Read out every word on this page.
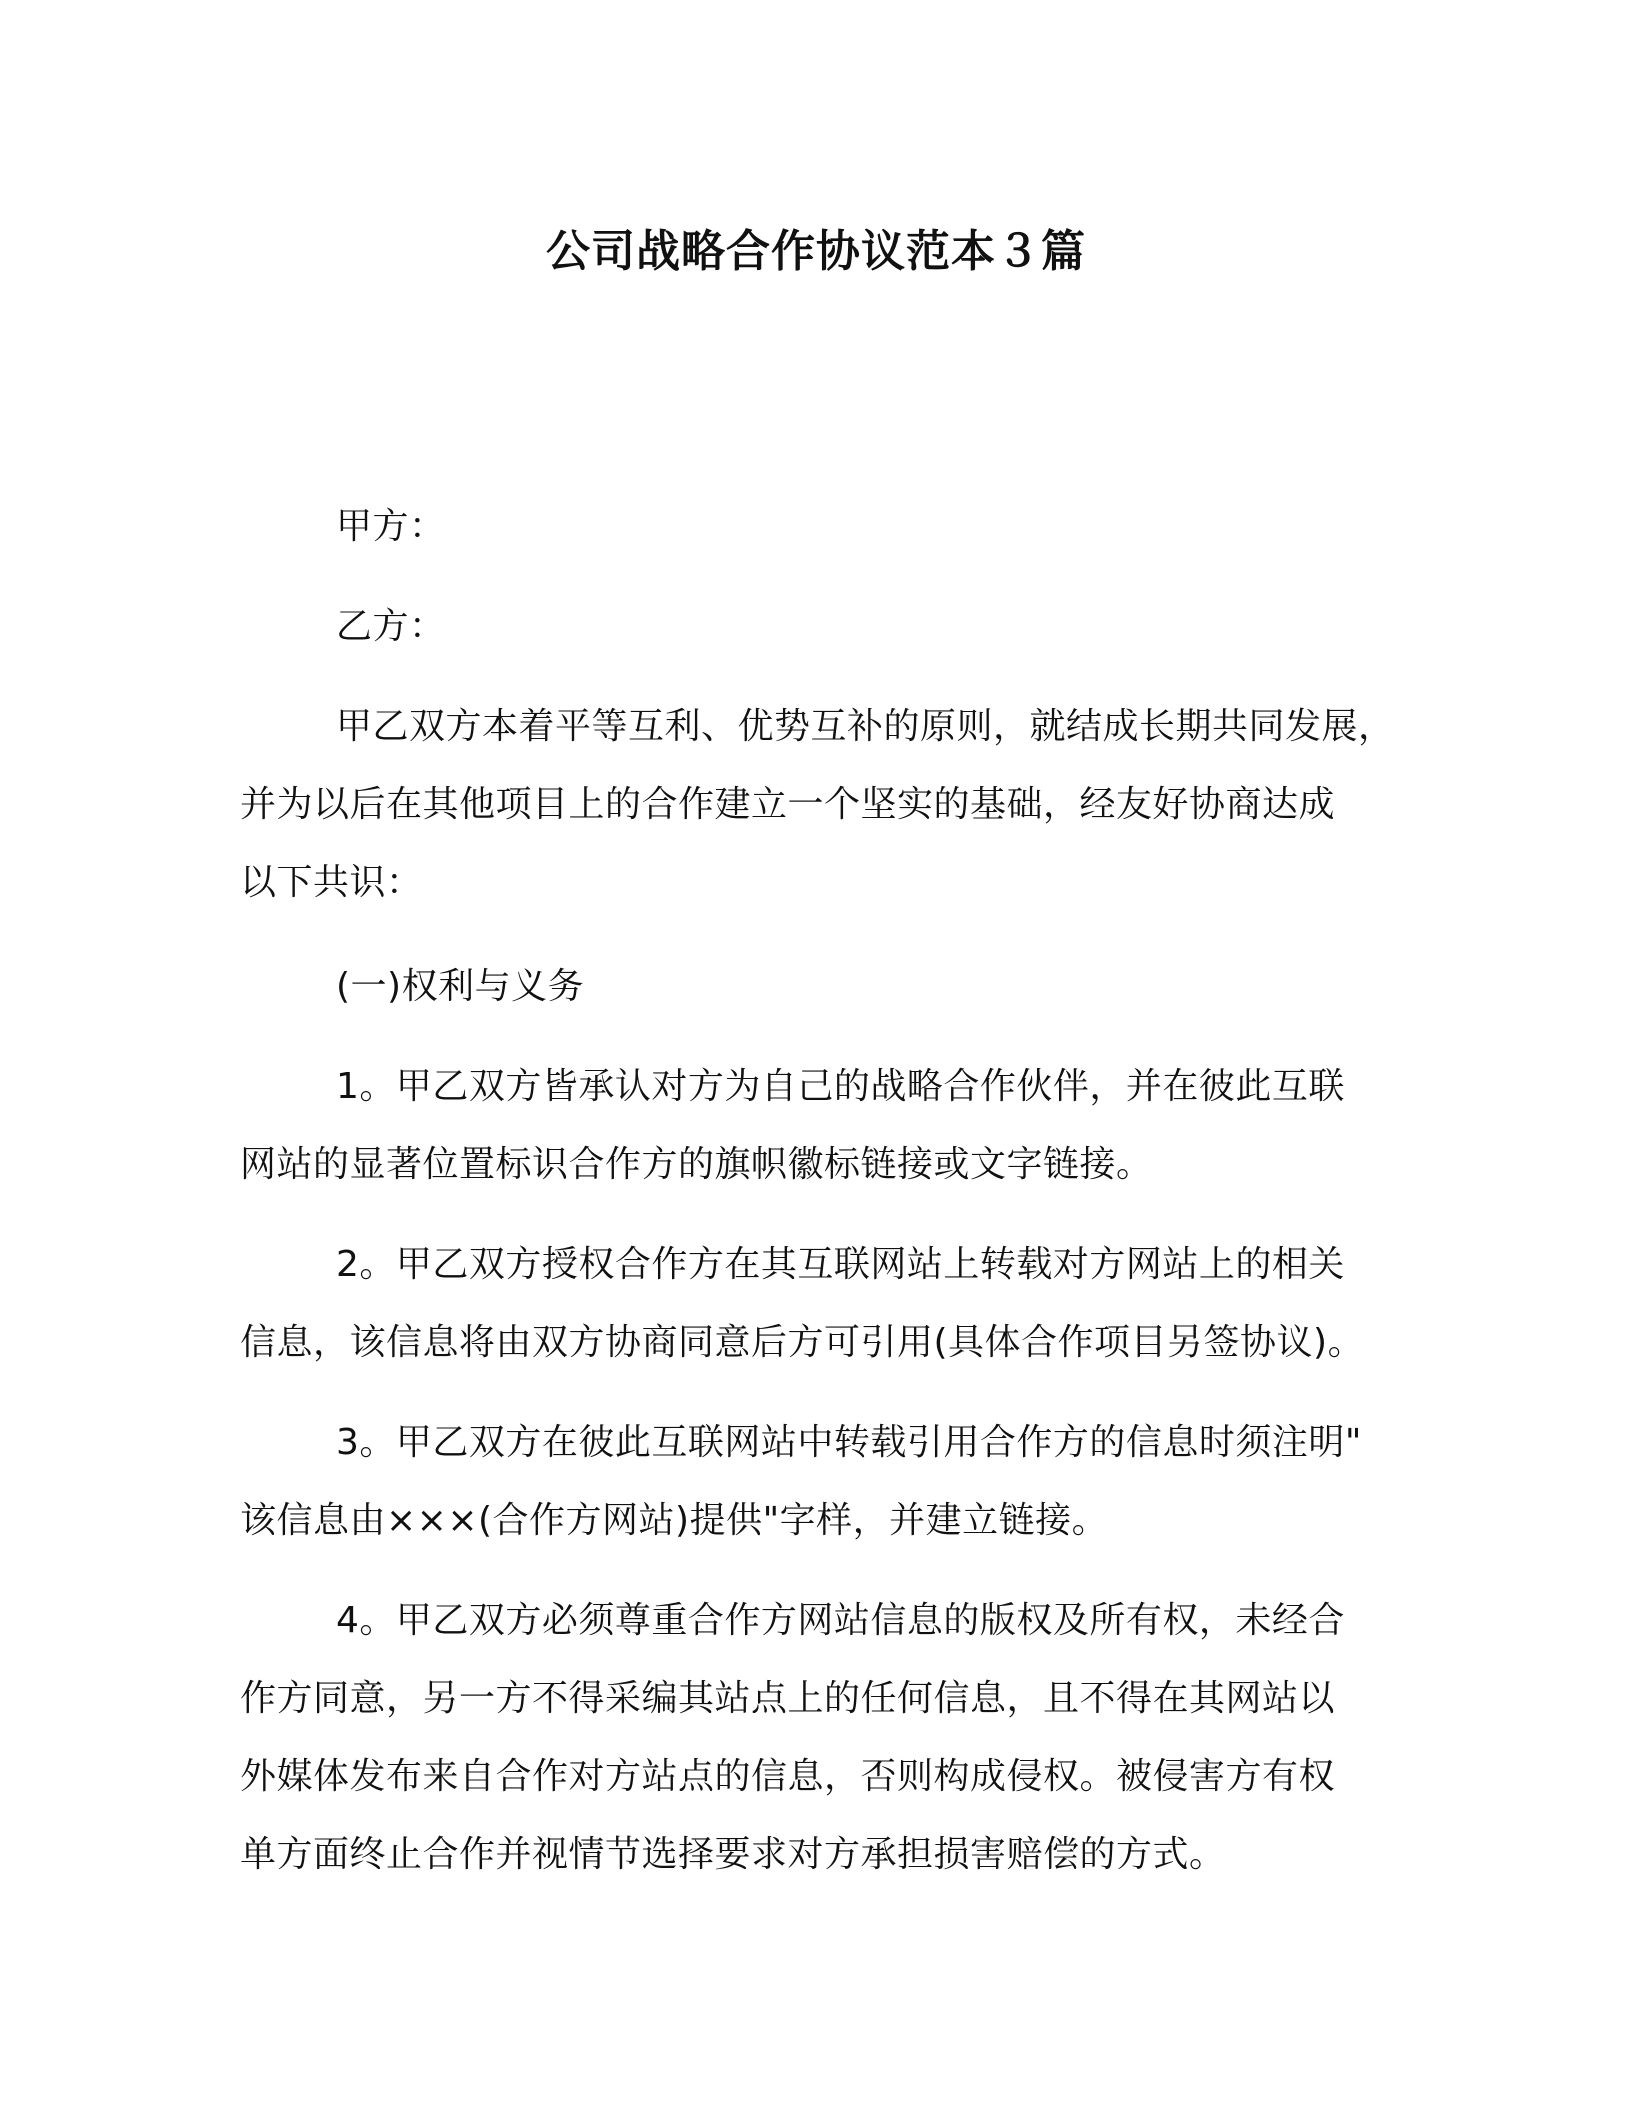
公司战略合作协议范本３篇
甲方：
乙方：
甲乙双方本着平等互利、优势互补的原则，就结成长期共同发展，
并为以后在其他项目上的合作建立一个坚实的基础，经友好协商达成
以下共识：
(一)权利与义务
1。甲乙双方皆承认对方为自己的战略合作伙伴，并在彼此互联
网站的显著位置标识合作方的旗帜徽标链接或文字链接。
2。甲乙双方授权合作方在其互联网站上转载对方网站上的相关
信息，该信息将由双方协商同意后方可引用(具体合作项目另签协议)。
3。甲乙双方在彼此互联网站中转载引用合作方的信息时须注明"
该信息由×××(合作方网站)提供"字样，并建立链接。
4。甲乙双方必须尊重合作方网站信息的版权及所有权，未经合
作方同意，另一方不得采编其站点上的任何信息，且不得在其网站以
外媒体发布来自合作对方站点的信息，否则构成侵权。被侵害方有权
单方面终止合作并视情节选择要求对方承担损害赔偿的方式。
